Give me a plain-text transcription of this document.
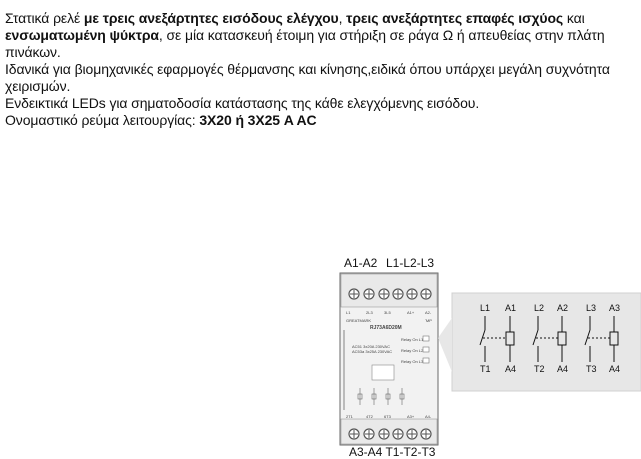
Στατικά ρελέ με τρεις ανεξάρτητες εισόδους ελέγχου, τρεις ανεξάρτητες επαφές ισχύος και ενσωματωμένη ψύκτρα, σε μία κατασκευή έτοιμη για στήριξη σε ράγα Ω ή απευθείας στην πλάτη πινάκων.

Ιδανικά για βιομηχανικές εφαρμογές θέρμανσης και κίνησης,ειδικά όπου υπάρχει μεγάλη συχνότητα χειρισμών.

Ενδεικτικά LEDs για σηματοδοσία κατάστασης της κάθε ελεγχόμενης εισόδου.

Ονομαστικό ρεύμα λειτουργίας: 3Χ20 ή 3Χ25 A AC

A1-A2 L1-L2-L3
A3-A4 T1-T2-T3
L1	2L3	3L5	A1+	A2-
2T1	4T2	6T3	A3+	A4-
GREATMARK	ʻMP
RJ73A6D20M
AC51 3x20A 230VAC
AC53a 3x25A 230VAC
Relay On L1
Relay On L2
Relay On L3
L1 A1 L2 A2 L3 A3
T1 A4 T2 A4 T3 A4
